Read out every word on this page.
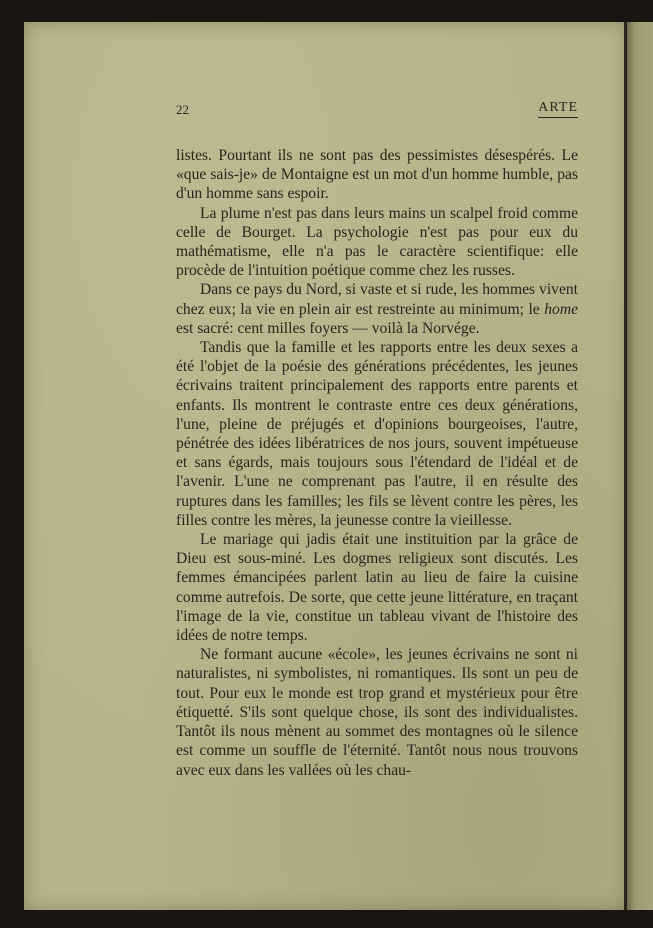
22	ARTE

listes. Pourtant ils ne sont pas des pessimistes désespérés. Le «que sais-je» de Montaigne est un mot d'un homme humble, pas d'un homme sans espoir.

La plume n'est pas dans leurs mains un scalpel froid comme celle de Bourget. La psychologie n'est pas pour eux du mathématisme, elle n'a pas le caractère scientifique: elle procède de l'intuition poétique comme chez les russes.

Dans ce pays du Nord, si vaste et si rude, les hommes vivent chez eux; la vie en plein air est restreinte au minimum; le home est sacré: cent milles foyers — voilà la Norvége.

Tandis que la famille et les rapports entre les deux sexes a été l'objet de la poésie des générations précédentes, les jeunes écrivains traitent principalement des rapports entre parents et enfants. Ils montrent le contraste entre ces deux générations, l'une, pleine de préjugés et d'opinions bourgeoises, l'autre, pénétrée des idées libératrices de nos jours, souvent impétueuse et sans égards, mais toujours sous l'étendard de l'idéal et de l'avenir. L'une ne comprenant pas l'autre, il en résulte des ruptures dans les familles; les fils se lèvent contre les pères, les filles contre les mères, la jeunesse contre la vieillesse.

Le mariage qui jadis était une instituition par la grâce de Dieu est sous-miné. Les dogmes religieux sont discutés. Les femmes émancipées parlent latin au lieu de faire la cuisine comme autrefois. De sorte, que cette jeune littérature, en traçant l'image de la vie, constitue un tableau vivant de l'histoire des idées de notre temps.

Ne formant aucune «école», les jeunes écrivains ne sont ni naturalistes, ni symbolistes, ni romantiques. Ils sont un peu de tout. Pour eux le monde est trop grand et mystérieux pour être étiquetté. S'ils sont quelque chose, ils sont des individualistes. Tantôt ils nous mènent au sommet des montagnes où le silence est comme un souffle de l'éternité. Tantôt nous nous trouvons avec eux dans les vallées où les chau-
